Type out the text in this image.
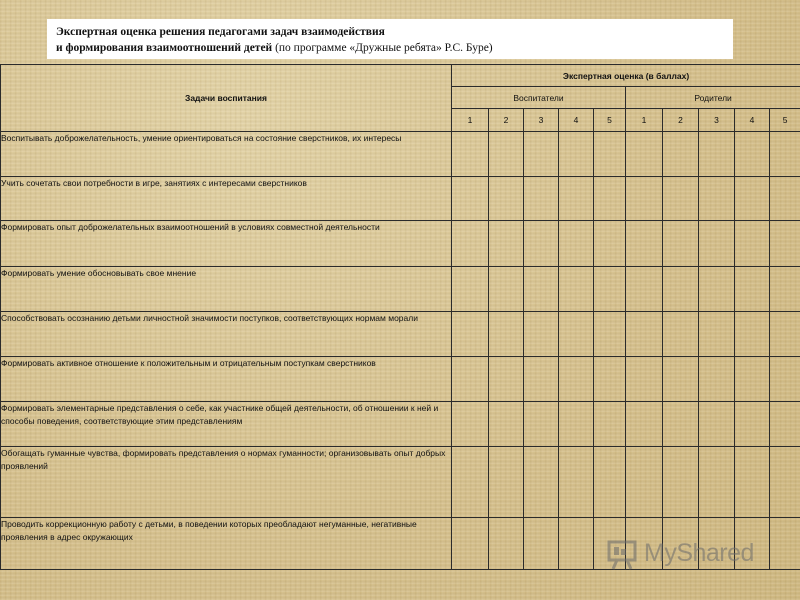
Экспертная оценка решения педагогами задач взаимодействия
и формирования взаимоотношений детей (по программе «Дружные ребята» Р.С. Буре)
Задачи воспитания	Экспертная оценка (в баллах)									
	Воспитатели					Родители				
	1	2	3	4	5	1	2	3	4	5
Воспитывать доброжелательность, умение ориентироваться на состояние сверстников, их интересы										
Учить сочетать свои потребности в игре, занятиях с интересами сверстников										
Формировать опыт доброжелательных взаимоотношений в условиях совместной деятельности										
Формировать умение обосновывать свое мнение										
Способствовать осознанию детьми личностной значимости поступков, соответствующих нормам морали										
Формировать активное отношение к положительным и отрицательным поступкам сверстников										
Формировать элементарные представления о себе, как участнике общей деятельности, об отношении к ней и способы поведения, соответствующие этим представлениям										
Обогащать гуманные чувства, формировать представления о нормах гуманности; организовывать опыт добрых проявлений										
Проводить коррекционную работу с детьми, в поведении которых преобладают негуманные, негативные проявления в адрес окружающих										
MyShared
